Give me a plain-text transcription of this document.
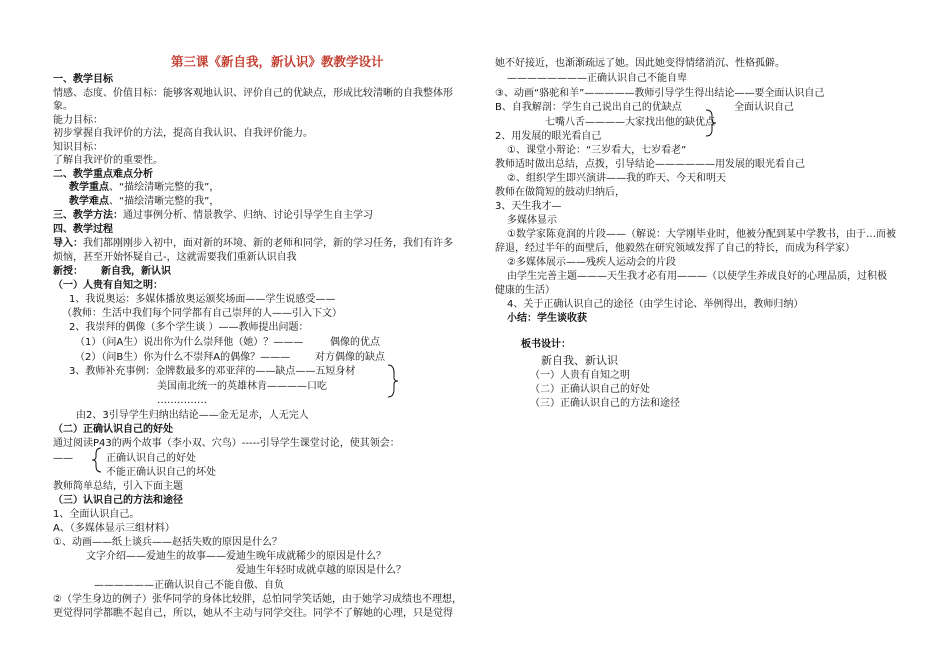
第三课《新自我，新认识》教教学设计
一、教学目标
情感、态度、价值目标：能够客观地认识、评价自己的优缺点，形成比较清晰的自我整体形
象。
能力目标：
初步掌握自我评价的方法，提高自我认识、自我评价能力。
知识目标：
了解自我评价的重要性。
二、教学重点难点分析
教学重点、“描绘清晰完整的我”，
教学难点、“描绘清晰完整的我”，
三、教学方法：通过事例分析、情景教学、归纳、讨论引导学生自主学习
四、教学过程
导入：我们都刚刚步入初中，面对新的环境、新的老师和同学，新的学习任务，我们有许多
烦恼，甚至开始怀疑自己-，这就需要我们重新认识自我
新授： 新自我，新认识
（一）人贵有自知之明：
1、我说奥运：多媒体播放奥运颁奖场面——学生说感受——
（教师：生活中我们每个同学都有自己崇拜的人——引入下文）
2、我崇拜的偶像（多个学生谈 ）——教师提出问题：
（1）（问A生）说出你为什么崇拜他（她）？———	偶像的优点
（2）（问B生）你为什么不崇拜A的偶像？——— 对方偶像的缺点
3、教师补充事例：金牌数最多的邓亚萍的——缺点——五短身材
美国南北统一的英雄林肯————口吃
……………
由2、3引导学生归纳出结论——金无足赤，人无完人
（二）正确认识自己的好处
通过阅读P43的两个故事（李小双、穴鸟）-----引导学生课堂讨论，使其领会：
——	正确认识自己的好处
不能正确认识自己的坏处
教师简单总结，引入下面主题
（三）认识自己的方法和途径
1、全面认识自己。
A、（多媒体显示三组材料）
①、动画——纸上谈兵——赵括失败的原因是什么？
文字介绍——爱迪生的故事——爱迪生晚年成就稀少的原因是什么？
爱迪生年轻时成就卓越的原因是什么？
——————正确认识自己不能自傲、自负
②（学生身边的例子）张华同学的身体比较胖，总怕同学笑话她，由于她学习成绩也不理想，
更觉得同学都瞧不起自己，所以，她从不主动与同学交往。同学不了解她的心理，只是觉得
她不好接近，也渐渐疏远了她。因此她变得情绪消沉、性格孤僻。
————————正确认识自己不能自卑
③、动画“骆驼和羊”—————教师引导学生得出结论——要全面认识自己
B、自我解剖：学生自己说出自己的优缺点	全面认识自己
七嘴八舌————大家找出他的缺优点
2、用发展的眼光看自己
①、课堂小辩论：“三岁看大，七岁看老”
教师适时做出总结，点拨，引导结论——————用发展的眼光看自己
②、组织学生即兴演讲——我的昨天、今天和明天
教师在做简短的鼓动归纳后，
3、天生我才—
多媒体显示
①数学家陈竟润的片段——（解说：大学刚毕业时，他被分配到某中学教书，由于…而被
辞退，经过半年的面壁后，他毅然在研究领域发挥了自己的特长，而成为科学家）
②多媒体展示——残疾人运动会的片段
由学生完善主题———天生我才必有用———（以使学生养成良好的心理品质，过积极
健康的生活）
4、关于正确认识自己的途径（由学生讨论、举例得出，教师归纳）
小结：学生谈收获
板书设计：
新自我、新认识
（一）人贵有自知之明
（二）正确认识自己的好处
（三）正确认识自己的方法和途径
